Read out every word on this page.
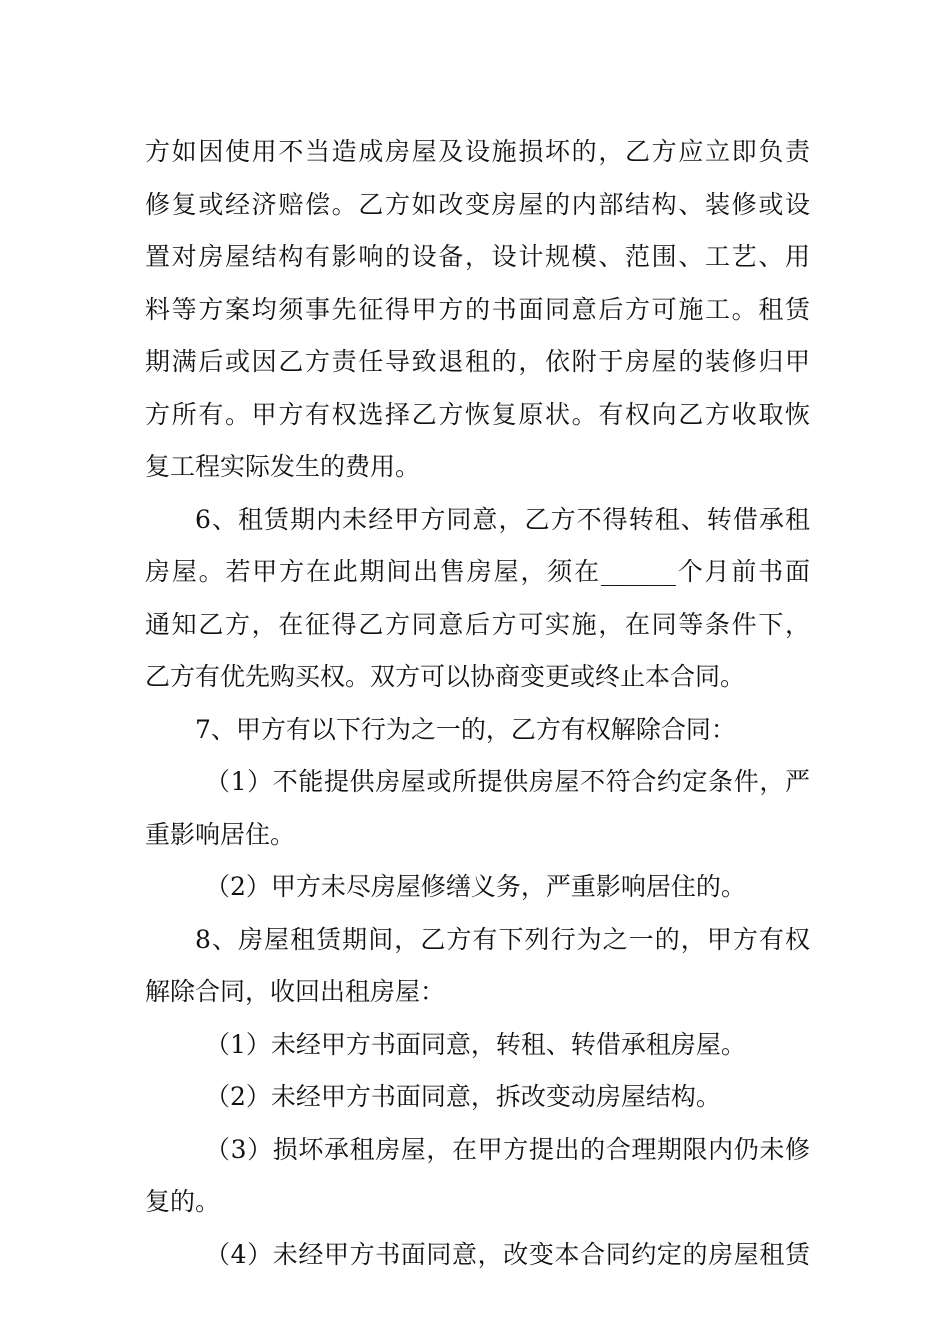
方如因使用不当造成房屋及设施损坏的，乙方应立即负责
修复或经济赔偿。乙方如改变房屋的内部结构、装修或设
置对房屋结构有影响的设备，设计规模、范围、工艺、用
料等方案均须事先征得甲方的书面同意后方可施工。租赁
期满后或因乙方责任导致退租的，依附于房屋的装修归甲
方所有。甲方有权选择乙方恢复原状。有权向乙方收取恢
复工程实际发生的费用。
6、租赁期内未经甲方同意，乙方不得转租、转借承租
房屋。若甲方在此期间出售房屋，须在______个月前书面
通知乙方，在征得乙方同意后方可实施，在同等条件下，
乙方有优先购买权。双方可以协商变更或终止本合同。
7、甲方有以下行为之一的，乙方有权解除合同：
（1）不能提供房屋或所提供房屋不符合约定条件，严
重影响居住。
（2）甲方未尽房屋修缮义务，严重影响居住的。
8、房屋租赁期间，乙方有下列行为之一的，甲方有权
解除合同，收回出租房屋：
（1）未经甲方书面同意，转租、转借承租房屋。
（2）未经甲方书面同意，拆改变动房屋结构。
（3）损坏承租房屋，在甲方提出的合理期限内仍未修
复的。
（4）未经甲方书面同意，改变本合同约定的房屋租赁
